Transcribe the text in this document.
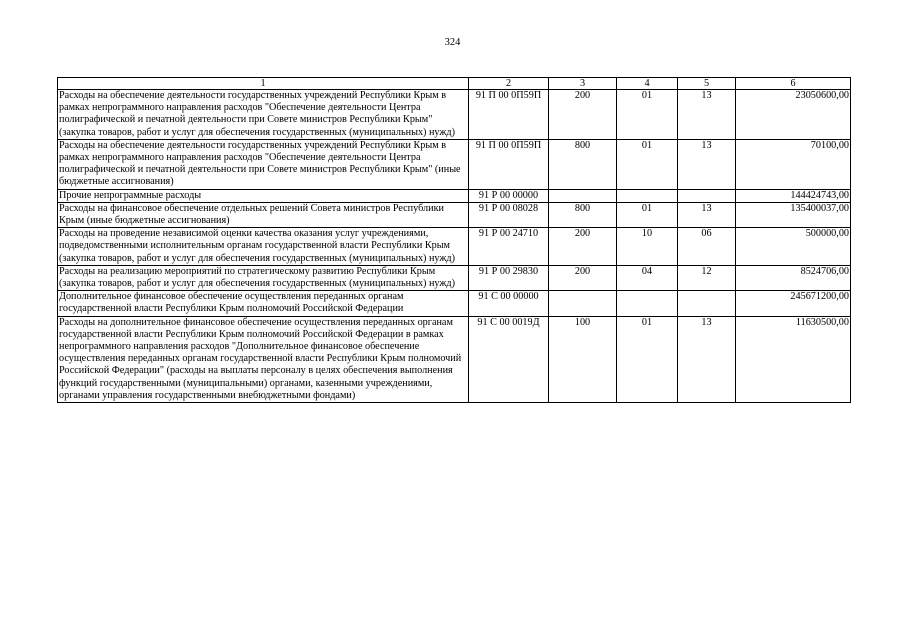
324
1	2	3	4	5	6
Расходы на обеспечение деятельности государственных учреждений Республики Крым в рамках непрограммного направления расходов "Обеспечение деятельности Центра полиграфической и печатной деятельности при Совете министров Республики Крым" (закупка товаров, работ и услуг для обеспечения государственных (муниципальных) нужд)	91 П 00 0П59П	200	01	13	23050600,00
Расходы на обеспечение деятельности государственных учреждений Республики Крым в рамках непрограммного направления расходов "Обеспечение деятельности Центра полиграфической и печатной деятельности при Совете министров Республики Крым" (иные бюджетные ассигнования)	91 П 00 0П59П	800	01	13	70100,00
Прочие непрограммные расходы	91 Р 00 00000				144424743,00
Расходы на финансовое обеспечение отдельных решений Совета министров Республики Крым (иные бюджетные ассигнования)	91 Р 00 08028	800	01	13	135400037,00
Расходы на проведение независимой оценки качества оказания услуг учреждениями, подведомственными исполнительным органам государственной власти Республики Крым (закупка товаров, работ и услуг для обеспечения государственных (муниципальных) нужд)	91 Р 00 24710	200	10	06	500000,00
Расходы на реализацию мероприятий по стратегическому развитию Республики Крым (закупка товаров, работ и услуг для обеспечения государственных (муниципальных) нужд)	91 Р 00 29830	200	04	12	8524706,00
Дополнительное финансовое обеспечение осуществления переданных органам государственной власти Республики Крым полномочий Российской Федерации	91 С 00 00000				245671200,00
Расходы на дополнительное финансовое обеспечение осуществления переданных органам государственной власти Республики Крым полномочий Российской Федерации в рамках непрограммного направления расходов "Дополнительное финансовое обеспечение осуществления переданных органам государственной власти Республики Крым полномочий Российской Федерации" (расходы на выплаты персоналу в целях обеспечения выполнения функций государственными (муниципальными) органами, казенными учреждениями, органами управления государственными внебюджетными фондами)	91 С 00 0019Д	100	01	13	11630500,00
